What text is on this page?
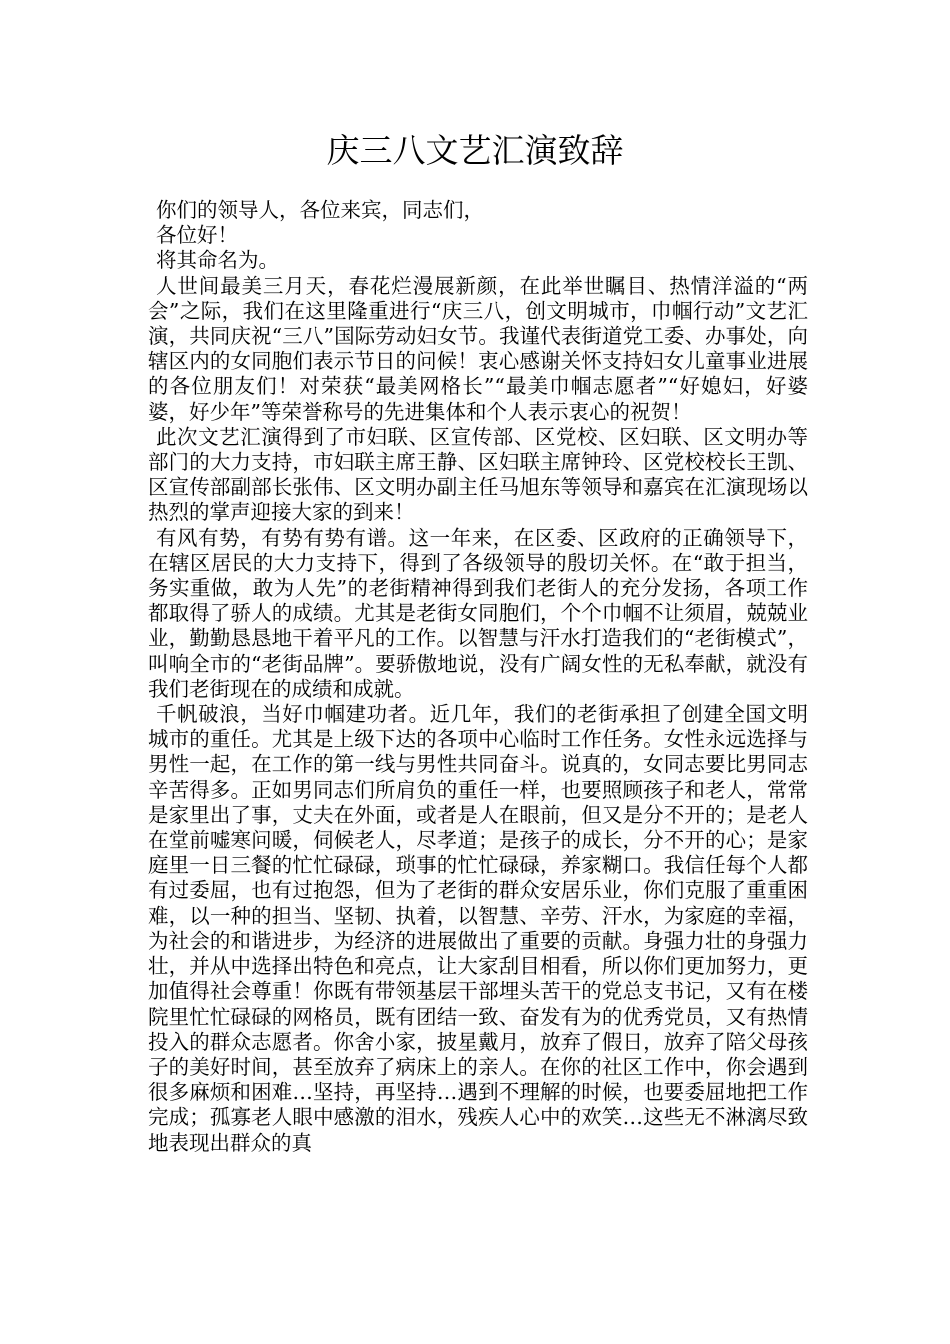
庆三八文艺汇演致辞

你们的领导人，各位来宾，同志们，

各位好！

将其命名为。

人世间最美三月天，春花烂漫展新颜，在此举世瞩目、热情洋溢的“两会”之际，我们在这里隆重进行“庆三八，创文明城市，巾帼行动”文艺汇演，共同庆祝“三八”国际劳动妇女节。我谨代表街道党工委、办事处，向辖区内的女同胞们表示节日的问候！衷心感谢关怀支持妇女儿童事业进展的各位朋友们！对荣获“最美网格长”“最美巾帼志愿者”“好媳妇，好婆婆，好少年”等荣誉称号的先进集体和个人表示衷心的祝贺！

此次文艺汇演得到了市妇联、区宣传部、区党校、区妇联、区文明办等部门的大力支持，市妇联主席王静、区妇联主席钟玲、区党校校长王凯、区宣传部副部长张伟、区文明办副主任马旭东等领导和嘉宾在汇演现场以热烈的掌声迎接大家的到来！

有风有势，有势有势有谱。这一年来，在区委、区政府的正确领导下，在辖区居民的大力支持下，得到了各级领导的殷切关怀。在“敢于担当，务实重做，敢为人先”的老街精神得到我们老街人的充分发扬，各项工作都取得了骄人的成绩。尤其是老街女同胞们，个个巾帼不让须眉，兢兢业业，勤勤恳恳地干着平凡的工作。以智慧与汗水打造我们的“老街模式”，叫响全市的“老街品牌”。要骄傲地说，没有广阔女性的无私奉献，就没有我们老街现在的成绩和成就。

千帆破浪，当好巾帼建功者。近几年，我们的老街承担了创建全国文明城市的重任。尤其是上级下达的各项中心临时工作任务。女性永远选择与男性一起，在工作的第一线与男性共同奋斗。说真的，女同志要比男同志辛苦得多。正如男同志们所肩负的重任一样，也要照顾孩子和老人，常常是家里出了事，丈夫在外面，或者是人在眼前，但又是分不开的；是老人在堂前嘘寒问暖，伺候老人，尽孝道；是孩子的成长，分不开的心；是家庭里一日三餐的忙忙碌碌，琐事的忙忙碌碌，养家糊口。我信任每个人都有过委屈，也有过抱怨，但为了老街的群众安居乐业，你们克服了重重困难，以一种的担当、坚韧、执着，以智慧、辛劳、汗水，为家庭的幸福，为社会的和谐进步，为经济的进展做出了重要的贡献。身强力壮的身强力壮，并从中选择出特色和亮点，让大家刮目相看，所以你们更加努力，更加值得社会尊重！你既有带领基层干部埋头苦干的党总支书记，又有在楼院里忙忙碌碌的网格员，既有团结一致、奋发有为的优秀党员，又有热情投入的群众志愿者。你舍小家，披星戴月，放弃了假日，放弃了陪父母孩子的美好时间，甚至放弃了病床上的亲人。在你的社区工作中，你会遇到很多麻烦和困难…坚持，再坚持…遇到不理解的时候，也要委屈地把工作完成；孤寡老人眼中感激的泪水，残疾人心中的欢笑…这些无不淋漓尽致地表现出群众的真
